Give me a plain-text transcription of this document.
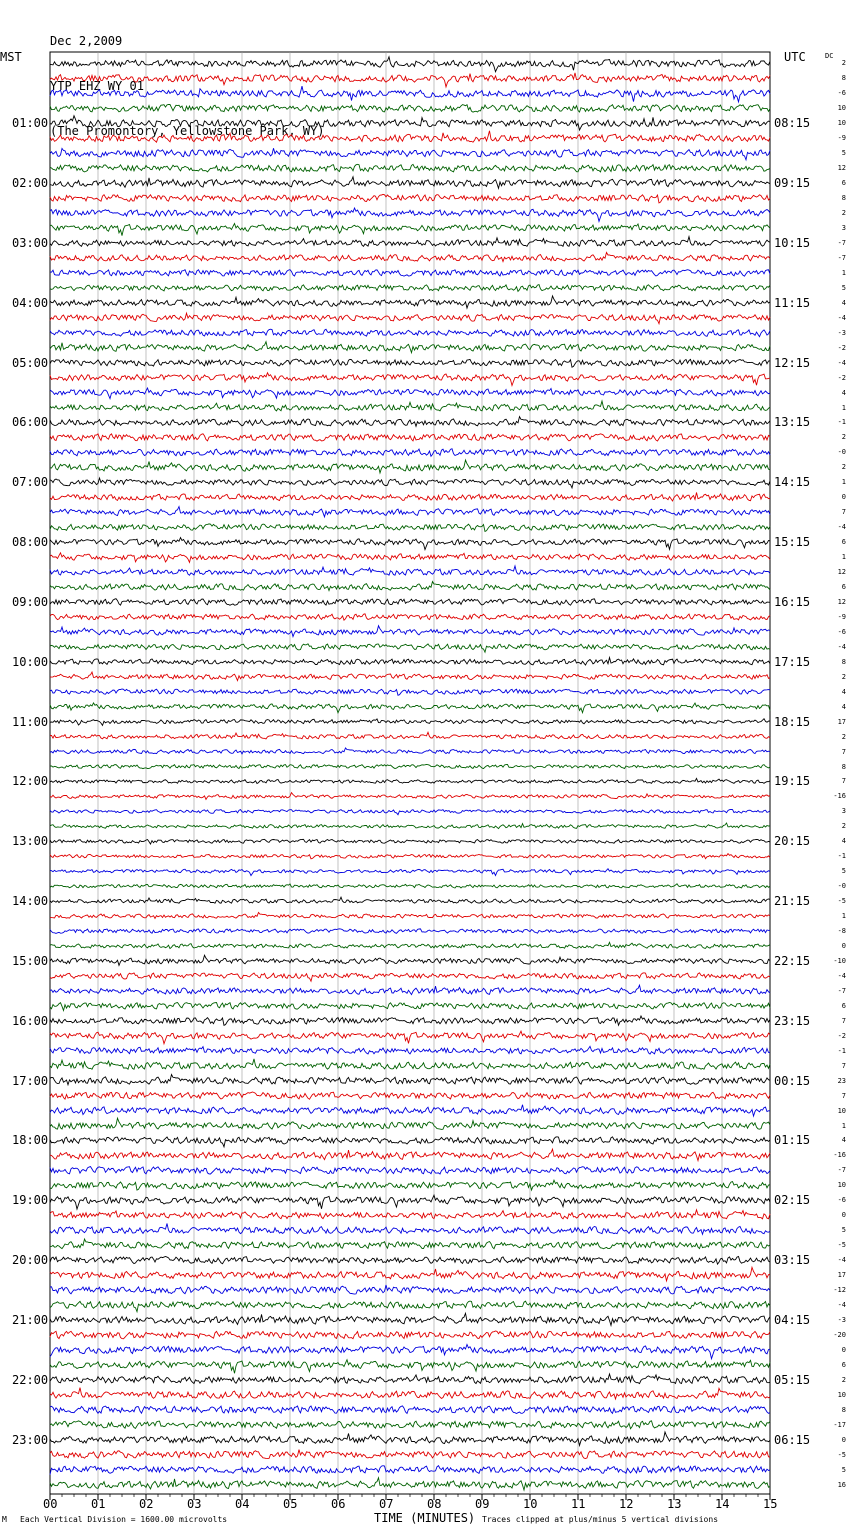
Dec 2,2009

YTP EHZ WY 01

(The Promontory, Yellowstone Park, WY)

MST	UTC	DC
01:00
02:00
03:00
04:00
05:00
06:00
07:00
08:00
09:00
10:00
11:00
12:00
13:00
14:00
15:00
16:00
17:00
18:00
19:00
20:00
21:00
22:00
23:00
08:15
09:15
10:15
11:15
12:15
13:15
14:15
15:15
16:15
17:15
18:15
19:15
20:15
21:15
22:15
23:15
00:15
01:15
02:15
03:15
04:15
05:15
06:15
2
8
-6
10
10
-9
5
12
6
8
2
3
-7
-7
1
5
4
-4
-3
-2
-4
-2
4
1
-1
2
-0
2
1
0
7
-4
6
1
12
6
12
-9
-6
-4
8
2
4
4
17
2
7
8
7
-16
3
2
4
-1
5
-0
-5
1
-8
0
-10
-4
-7
6
7
-2
-1
7
23
7
10
1
4
-16
-7
10
-6
0
5
-5
-4
17
-12
-4
-3
-20
0
6
2
10
8
-17
0
-5
5
16
00	01	02	03	04	05	06	07	08	09	10	11	12	13	14	15
M Each Vertical Division = 1600.00 microvolts	TIME (MINUTES) Traces clipped at plus/minus 5 vertical divisions
